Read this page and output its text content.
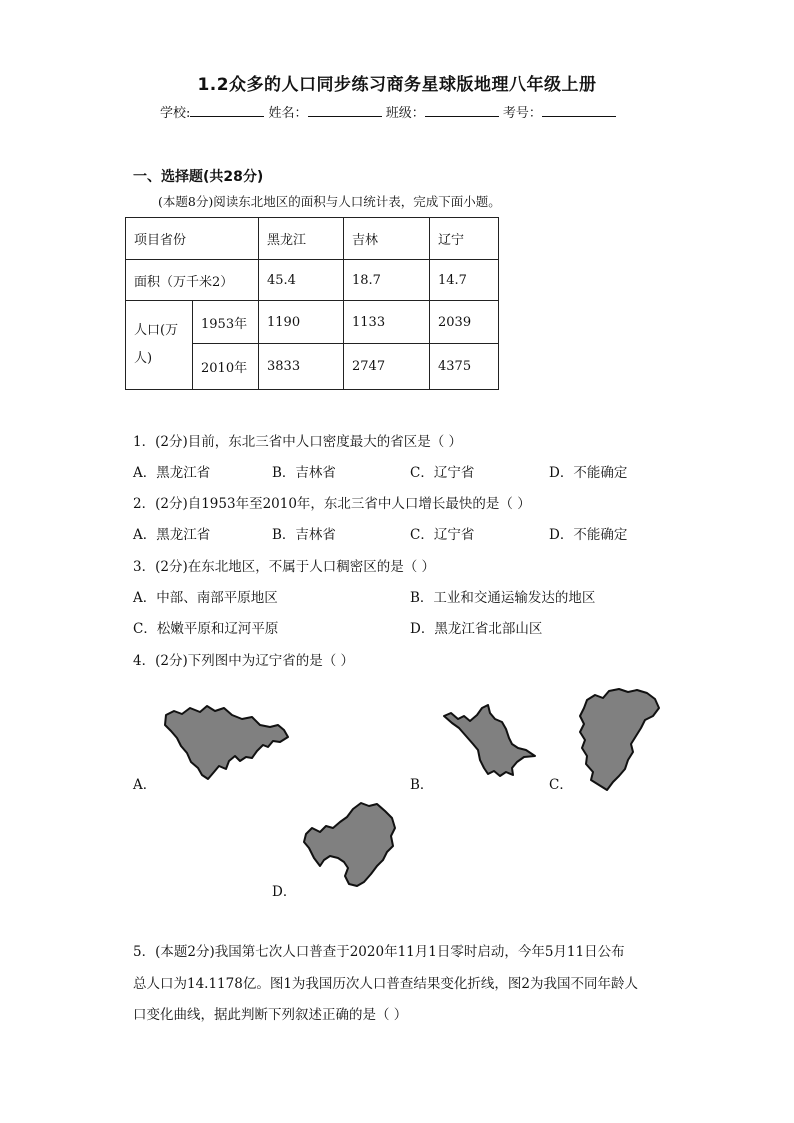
1.2众多的人口同步练习商务星球版地理八年级上册
学校:	姓名：	班级：	考号：
一、选择题(共28分)
(本题8分)阅读东北地区的面积与人口统计表，完成下面小题。
项目省份		黑龙江	吉林	辽宁
面积（万千米2）		45.4	18.7	14.7

人口(万
人)	1953年	1190	1133	2039
	2010年	3833	2747	4375
1．(2分)目前，东北三省中人口密度最大的省区是（ ）
A．黑龙江省	B．吉林省	C．辽宁省	D．不能确定
2．(2分)自1953年至2010年，东北三省中人口增长最快的是（ ）
A．黑龙江省	B．吉林省	C．辽宁省	D．不能确定
3．(2分)在东北地区，不属于人口稠密区的是（ ）
A．中部、南部平原地区	B．工业和交通运输发达的地区
C．松嫩平原和辽河平原	D．黑龙江省北部山区
4．(2分)下列图中为辽宁省的是（ ）
A．	B．	C．
D．
5．(本题2分)我国第七次人口普查于2020年11月1日零时启动，今年5月11日公布
总人口为14.1178亿。图1为我国历次人口普查结果变化折线，图2为我国不同年龄人
口变化曲线，据此判断下列叙述正确的是（ ）
